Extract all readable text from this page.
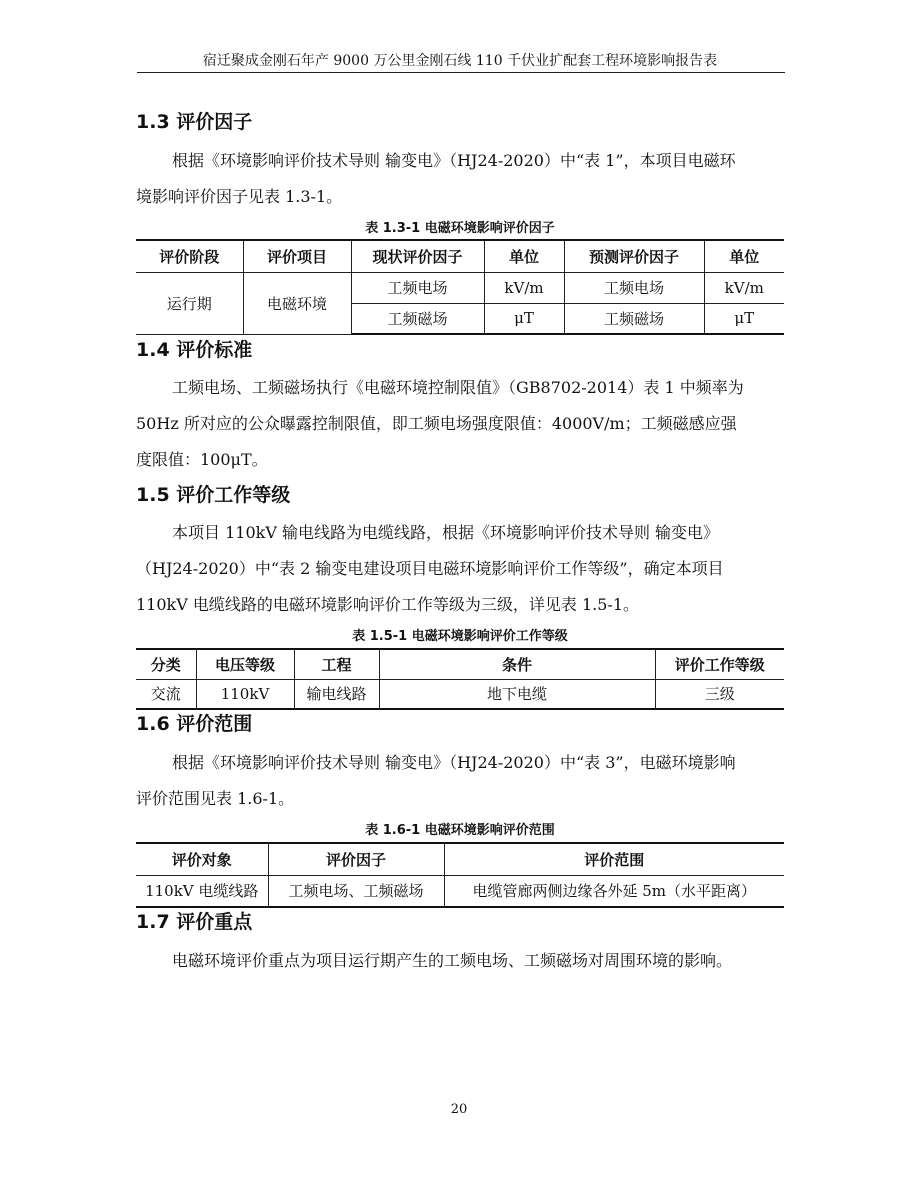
宿迁聚成金刚石年产 9000 万公里金刚石线 110 千伏业扩配套工程环境影响报告表
1.3 评价因子

根据《环境影响评价技术导则 输变电》（HJ24-2020）中“表 1”，本项目电磁环

境影响评价因子见表 1.3-1。

表 1.3-1 电磁环境影响评价因子
评价阶段	评价项目	现状评价因子	单位	预测评价因子	单位
运行期	电磁环境	工频电场	kV/m	工频电场	kV/m
		工频磁场	μT	工频磁场	μT
1.4 评价标准

工频电场、工频磁场执行《电磁环境控制限值》（GB8702-2014）表 1 中频率为

50Hz 所对应的公众曝露控制限值，即工频电场强度限值：4000V/m；工频磁感应强

度限值：100μT。

1.5 评价工作等级

本项目 110kV 输电线路为电缆线路，根据《环境影响评价技术导则 输变电》

（HJ24-2020）中“表 2 输变电建设项目电磁环境影响评价工作等级”，确定本项目

110kV 电缆线路的电磁环境影响评价工作等级为三级，详见表 1.5-1。

表 1.5-1 电磁环境影响评价工作等级
分类	电压等级	工程	条件	评价工作等级
交流	110kV	输电线路	地下电缆	三级
1.6 评价范围

根据《环境影响评价技术导则 输变电》（HJ24-2020）中“表 3”，电磁环境影响

评价范围见表 1.6-1。

表 1.6-1 电磁环境影响评价范围
评价对象	评价因子	评价范围
110kV 电缆线路	工频电场、工频磁场	电缆管廊两侧边缘各外延 5m（水平距离）
1.7 评价重点

电磁环境评价重点为项目运行期产生的工频电场、工频磁场对周围环境的影响。

20
